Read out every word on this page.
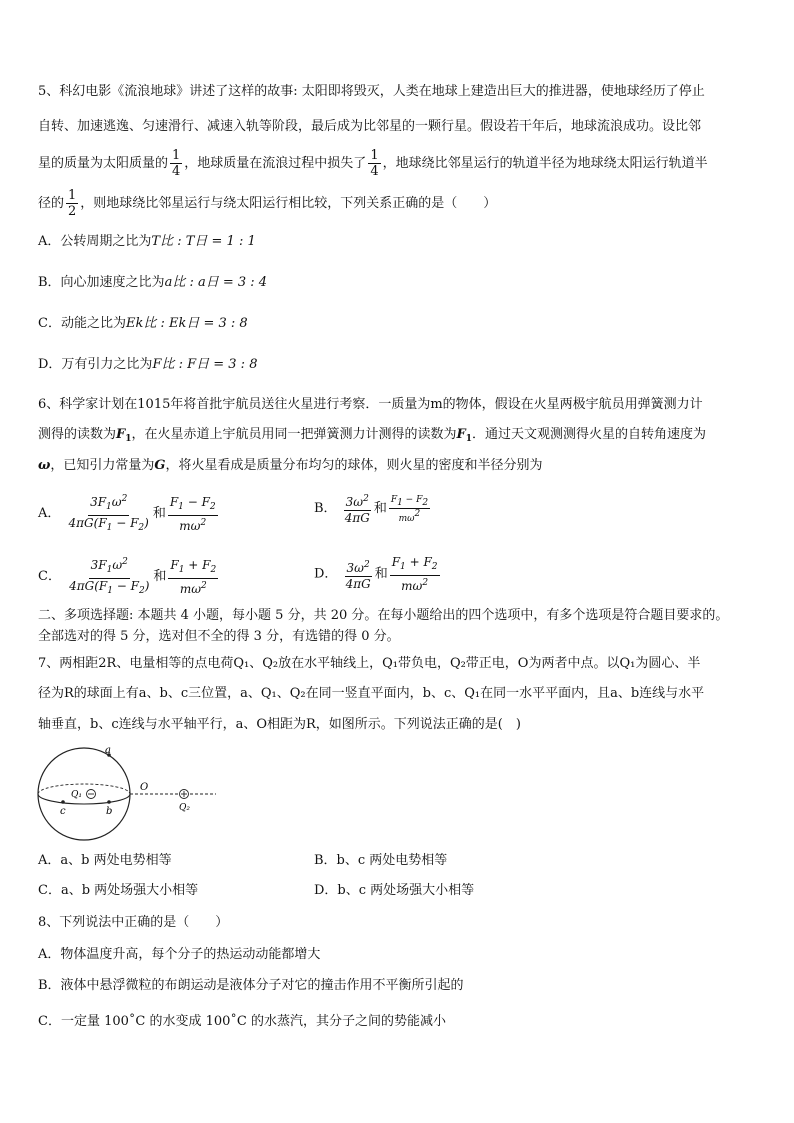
5、科幻电影《流浪地球》讲述了这样的故事: 太阳即将毁灭，人类在地球上建造出巨大的推进器，使地球经历了停止
自转、加速逃逸、匀速滑行、减速入轨等阶段，最后成为比邻星的一颗行星。假设若干年后，地球流浪成功。设比邻
星的质量为太阳质量的 $\frac{1}{4}$ ，地球质量在流浪过程中损失了 $\frac{1}{4}$ ，地球绕比邻星运行的轨道半径为地球绕太阳运行轨道半
径的 $\frac{1}{2}$ ，则地球绕比邻星运行与绕太阳运行相比较，下列关系正确的是（　　）
A．公转周期之比为T比 : T日 = 1 : 1
B．向心加速度之比为a比 : a日 = 3 : 4
C．动能之比为Ek比 : Ek日 = 3 : 8
D．万有引力之比为F比 : F日 = 3 : 8
6、科学家计划在1015年将首批宇航员送往火星进行考察．一质量为m的物体，假设在火星两极宇航员用弹簧测力计
测得的读数为$F_1$，在火星赤道上宇航员用同一把弹簧测力计测得的读数为$F_1$．通过天文观测测得火星的自转角速度为
ω，已知引力常量为G，将火星看成是质量分布均匀的球体，则火星的密度和半径分别为
A． $\frac{3F_1\omega^2}{4\pi G(F_1 - F_2)}$ 和 $\frac{F_1 - F_2}{m\omega^2}$	B． $\frac{3\omega^2}{4\pi G}$ 和 $\frac{F1 - F2}{m\omega 2}$
C． $\frac{3F_1\omega^2}{4\pi G(F_1 - F_2)}$ 和 $\frac{F_1 + F_2}{m\omega^2}$	D． $\frac{3\omega^2}{4\pi G}$ 和 $\frac{F_1 + F_2}{m\omega^2}$
二、多项选择题: 本题共 4 小题，每小题 5 分，共 20 分。在每小题给出的四个选项中，有多个选项是符合题目要求的。
全部选对的得 5 分，选对但不全的得 3 分，有选错的得 0 分。
7、两相距2R、电量相等的点电荷Q₁、Q₂放在水平轴线上，Q₁带负电，Q₂带正电，O为两者中点。以Q₁为圆心、半
径为R的球面上有a、b、c三位置，a、Q₁、Q₂在同一竖直平面内，b、c、Q₁在同一水平平面内，且a、b连线与水平
轴垂直，b、c连线与水平轴平行，a、O相距为R，如图所示。下列说法正确的是(　)
a
c	b
O
Q₁
Q₂
A．a、b 两处电势相等	B．b、c 两处电势相等
C．a、b 两处场强大小相等	D．b、c 两处场强大小相等
8、下列说法中正确的是（　　）
A．物体温度升高，每个分子的热运动动能都增大
B．液体中悬浮微粒的布朗运动是液体分子对它的撞击作用不平衡所引起的
C．一定量 100˚C 的水变成 100˚C 的水蒸汽，其分子之间的势能减小
